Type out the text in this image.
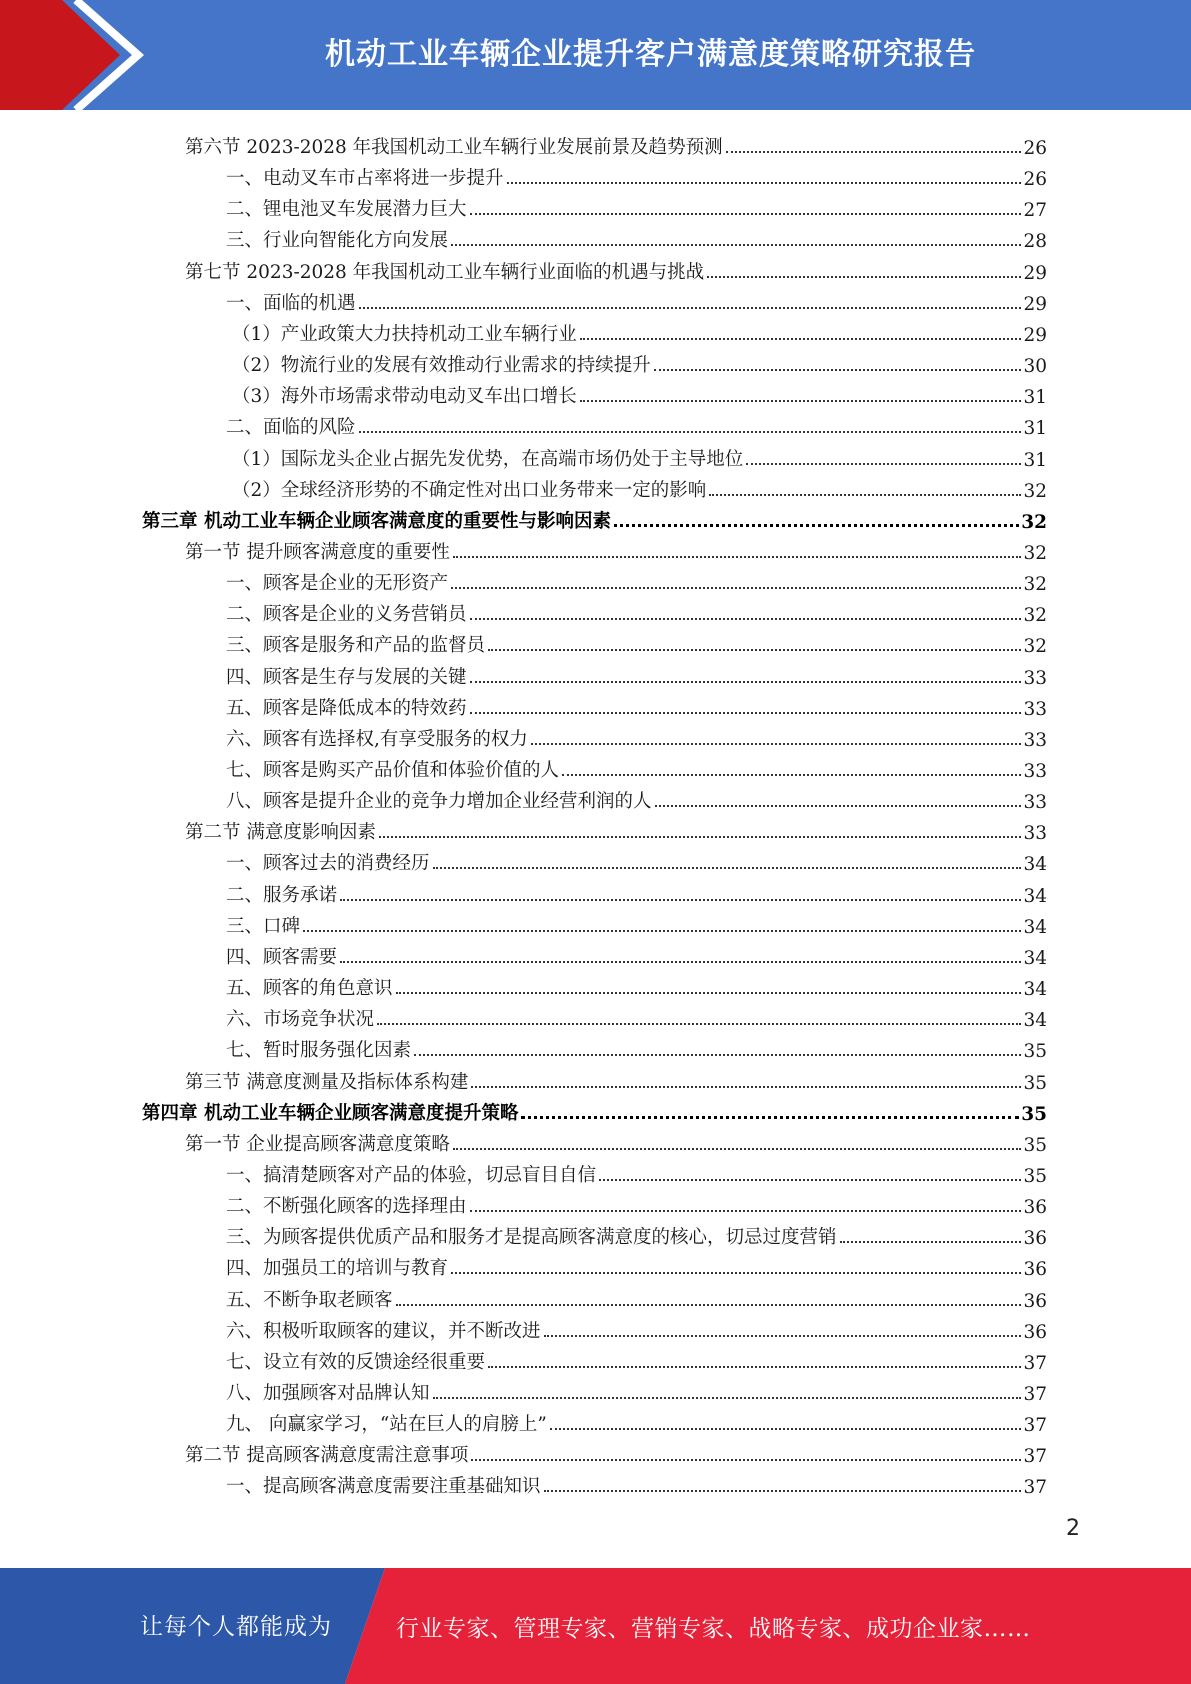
机动工业车辆企业提升客户满意度策略研究报告
第六节 2023-2028 年我国机动工业车辆行业发展前景及趋势预测	26
一、电动叉车市占率将进一步提升	26
二、锂电池叉车发展潜力巨大	27
三、行业向智能化方向发展	28
第七节 2023-2028 年我国机动工业车辆行业面临的机遇与挑战	29
一、面临的机遇	29
（1）产业政策大力扶持机动工业车辆行业	29
（2）物流行业的发展有效推动行业需求的持续提升	30
（3）海外市场需求带动电动叉车出口增长	31
二、面临的风险	31
（1）国际龙头企业占据先发优势，在高端市场仍处于主导地位	31
（2）全球经济形势的不确定性对出口业务带来一定的影响	32
第三章 机动工业车辆企业顾客满意度的重要性与影响因素	32
第一节 提升顾客满意度的重要性	32
一、顾客是企业的无形资产	32
二、顾客是企业的义务营销员	32
三、顾客是服务和产品的监督员	32
四、顾客是生存与发展的关键	33
五、顾客是降低成本的特效药	33
六、顾客有选择权,有享受服务的权力	33
七、顾客是购买产品价值和体验价值的人	33
八、顾客是提升企业的竞争力增加企业经营利润的人	33
第二节 满意度影响因素	33
一、顾客过去的消费经历	34
二、服务承诺	34
三、口碑	34
四、顾客需要	34
五、顾客的角色意识	34
六、市场竞争状况	34
七、暂时服务强化因素	35
第三节 满意度测量及指标体系构建	35
第四章 机动工业车辆企业顾客满意度提升策略	35
第一节 企业提高顾客满意度策略	35
一、搞清楚顾客对产品的体验，切忌盲目自信	35
二、不断强化顾客的选择理由	36
三、为顾客提供优质产品和服务才是提高顾客满意度的核心，切忌过度营销	36
四、加强员工的培训与教育	36
五、不断争取老顾客	36
六、积极听取顾客的建议，并不断改进	36
七、设立有效的反馈途经很重要	37
八、加强顾客对品牌认知	37
九、 向赢家学习，“站在巨人的肩膀上”	37
第二节 提高顾客满意度需注意事项	37
一、提高顾客满意度需要注重基础知识	37
2
让每个人都能成为	行业专家、管理专家、营销专家、战略专家、成功企业家……
